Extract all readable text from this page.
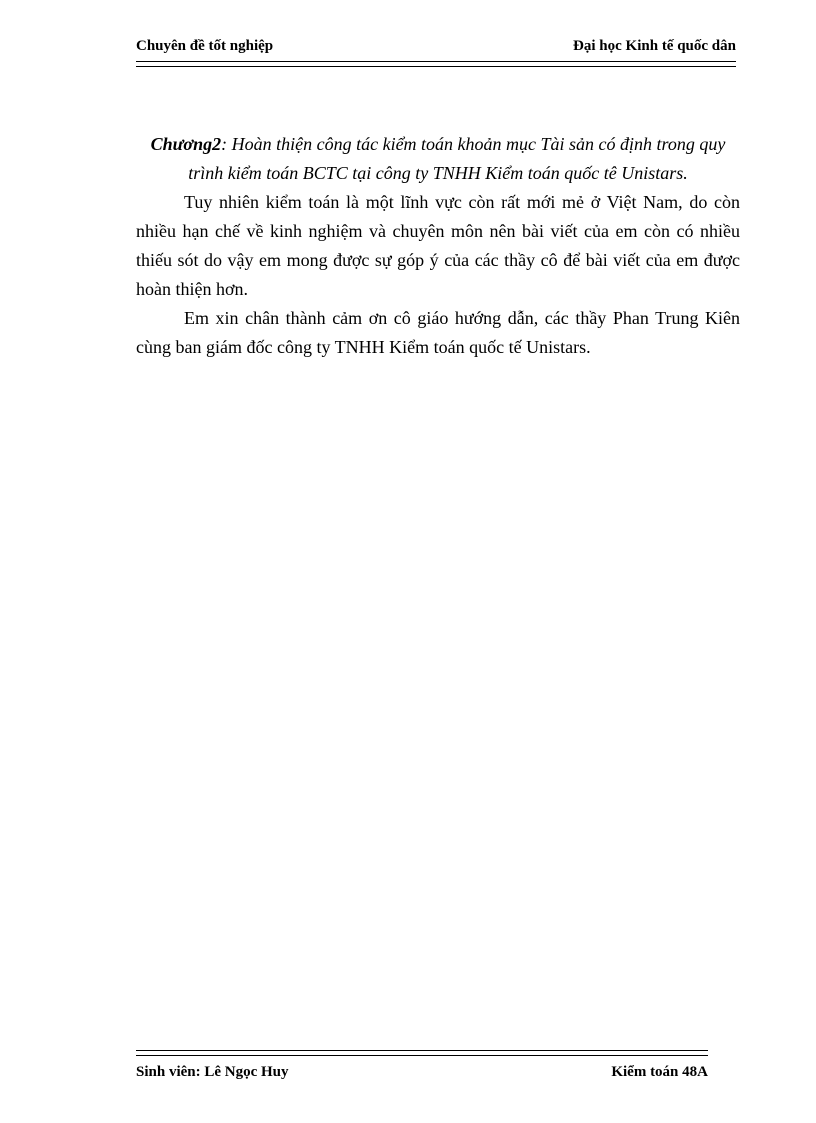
Chuyên đề tốt nghiệp	Đại học Kinh tế quốc dân

Chương2: Hoàn thiện công tác kiểm toán khoản mục Tài sản có định trong quy trình kiểm toán BCTC tại công ty TNHH Kiểm toán quốc tê Unistars.

Tuy nhiên kiểm toán là một lĩnh vực còn rất mới mẻ ở Việt Nam, do còn nhiều hạn chế về kinh nghiệm và chuyên môn nên bài viết của em còn có nhiều thiếu sót do vậy em mong được sự góp ý của các thầy cô để bài viết của em được hoàn thiện hơn.

Em xin chân thành cảm ơn cô giáo hướng dẫn, các thầy Phan Trung Kiên cùng ban giám đốc công ty TNHH Kiểm toán quốc tế Unistars.

Sinh viên: Lê Ngọc Huy	Kiểm toán 48A
